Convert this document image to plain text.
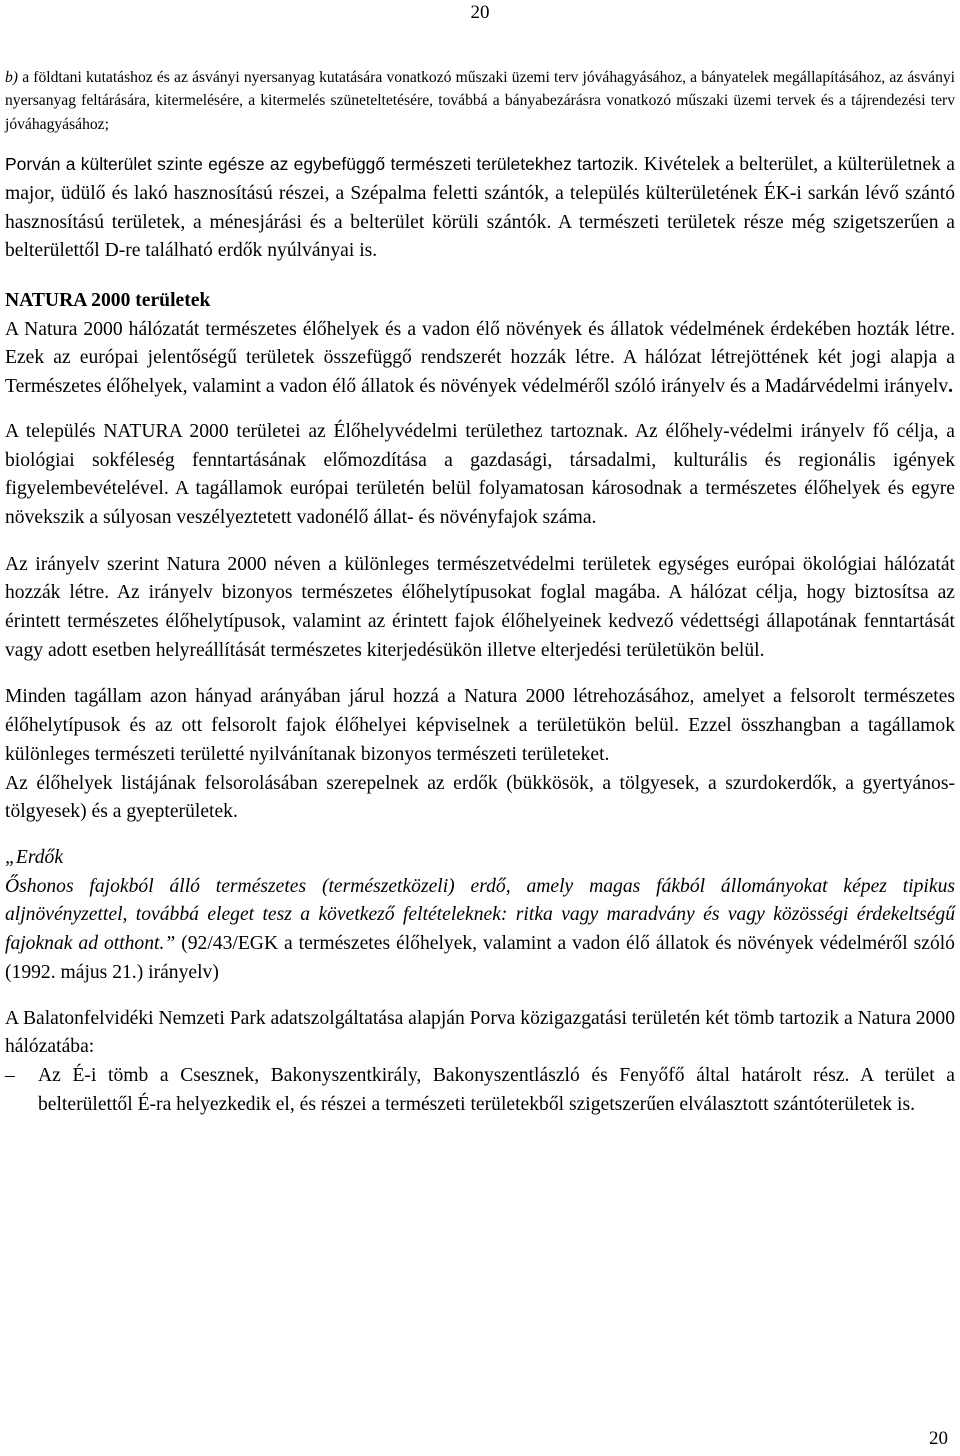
20

b) a földtani kutatáshoz és az ásványi nyersanyag kutatására vonatkozó műszaki üzemi terv jóváhagyásához, a bányatelek megállapításához, az ásványi nyersanyag feltárására, kitermelésére, a kitermelés szüneteltetésére, továbbá a bányabezárásra vonatkozó műszaki üzemi tervek és a tájrendezési terv jóváhagyásához;

Porván a külterület szinte egésze az egybefüggő természeti területekhez tartozik. Kivételek a belterület, a külterületnek a major, üdülő és lakó hasznosítású részei, a Szépalma feletti szántók, a település külterületének ÉK-i sarkán lévő szántó hasznosítású területek, a ménesjárási és a belterület körüli szántók. A természeti területek része még szigetszerűen a belterülettől D-re található erdők nyúlványai is.

NATURA 2000 területek

A Natura 2000 hálózatát természetes élőhelyek és a vadon élő növények és állatok védelmének érdekében hozták létre. Ezek az európai jelentőségű területek összefüggő rendszerét hozzák létre. A hálózat létrejöttének két jogi alapja a Természetes élőhelyek, valamint a vadon élő állatok és növények védelméről szóló irányelv és a Madárvédelmi irányelv.

A település NATURA 2000 területei az Élőhelyvédelmi területhez tartoznak. Az élőhely-védelmi irányelv fő célja, a biológiai sokféleség fenntartásának előmozdítása a gazdasági, társadalmi, kulturális és regionális igények figyelembevételével. A tagállamok európai területén belül folyamatosan károsodnak a természetes élőhelyek és egyre növekszik a súlyosan veszélyeztetett vadonélő állat- és növényfajok száma.

Az irányelv szerint Natura 2000 néven a különleges természetvédelmi területek egységes európai ökológiai hálózatát hozzák létre. Az irányelv bizonyos természetes élőhelytípusokat foglal magába. A hálózat célja, hogy biztosítsa az érintett természetes élőhelytípusok, valamint az érintett fajok élőhelyeinek kedvező védettségi állapotának fenntartását vagy adott esetben helyreállítását természetes kiterjedésükön illetve elterjedési területükön belül.

Minden tagállam azon hányad arányában járul hozzá a Natura 2000 létrehozásához, amelyet a felsorolt természetes élőhelytípusok és az ott felsorolt fajok élőhelyei képviselnek a területükön belül. Ezzel összhangban a tagállamok különleges természeti területté nyilvánítanak bizonyos természeti területeket.

Az élőhelyek listájának felsorolásában szerepelnek az erdők (bükkösök, a tölgyesek, a szurdokerdők, a gyertyános-tölgyesek) és a gyepterületek.

„Erdők

Őshonos fajokból álló természetes (természetközeli) erdő, amely magas fákból állományokat képez tipikus aljnövényzettel, továbbá eleget tesz a következő feltételeknek: ritka vagy maradvány és vagy közösségi érdekeltségű fajoknak ad otthont.” (92/43/EGK a természetes élőhelyek, valamint a vadon élő állatok és növények védelméről szóló (1992. május 21.) irányelv)

A Balatonfelvidéki Nemzeti Park adatszolgáltatása alapján Porva közigazgatási területén két tömb tartozik a Natura 2000 hálózatába:

–	Az É-i tömb a Csesznek, Bakonyszentkirály, Bakonyszentlászló és Fenyőfő által határolt rész. A terület a belterülettől É-ra helyezkedik el, és részei a természeti területekből szigetszerűen elválasztott szántóterületek is.
20
